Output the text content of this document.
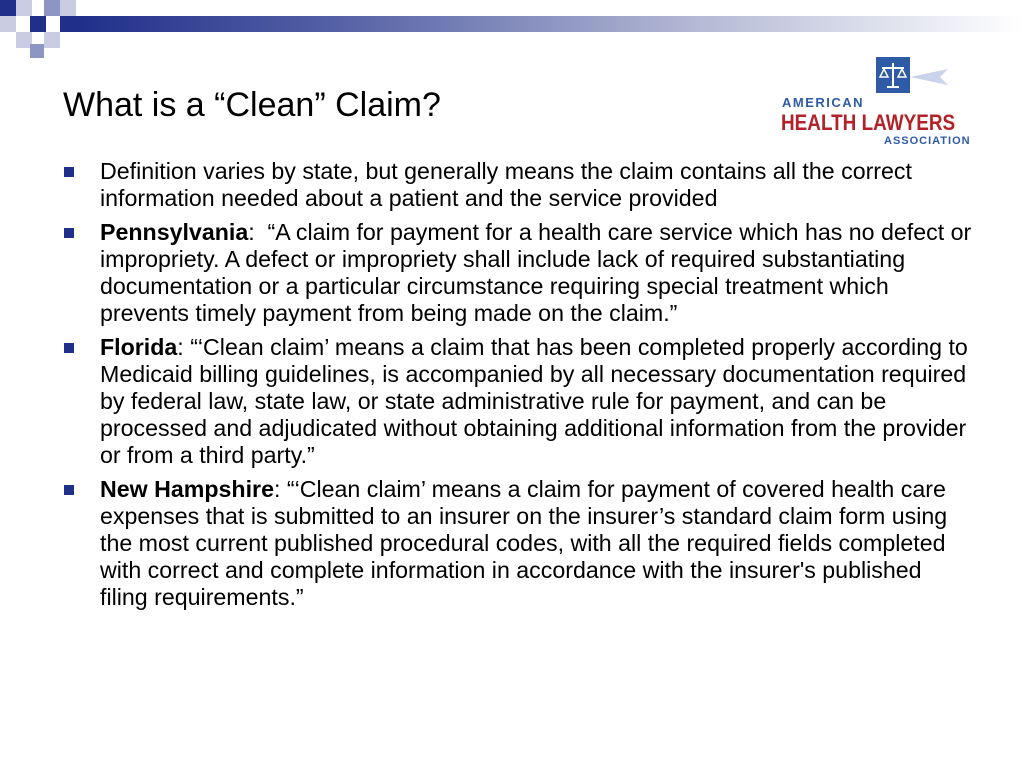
What is a “Clean” Claim?	AMERICAN
HEALTH LAWYERS
ASSOCIATION
Definition varies by state, but generally means the claim contains all the correct information needed about a patient and the service provided
Pennsylvania:  “A claim for payment for a health care service which has no defect or impropriety. A defect or impropriety shall include lack of required substantiating documentation or a particular circumstance requiring special treatment which prevents timely payment from being made on the claim.”
Florida: “‘Clean claim’ means a claim that has been completed properly according to Medicaid billing guidelines, is accompanied by all necessary documentation required by federal law, state law, or state administrative rule for payment, and can be processed and adjudicated without obtaining additional information from the provider or from a third party.”
New Hampshire: “‘Clean claim’ means a claim for payment of covered health care expenses that is submitted to an insurer on the insurer’s standard claim form using the most current published procedural codes, with all the required fields completed with correct and complete information in accordance with the insurer's published filing requirements.”
